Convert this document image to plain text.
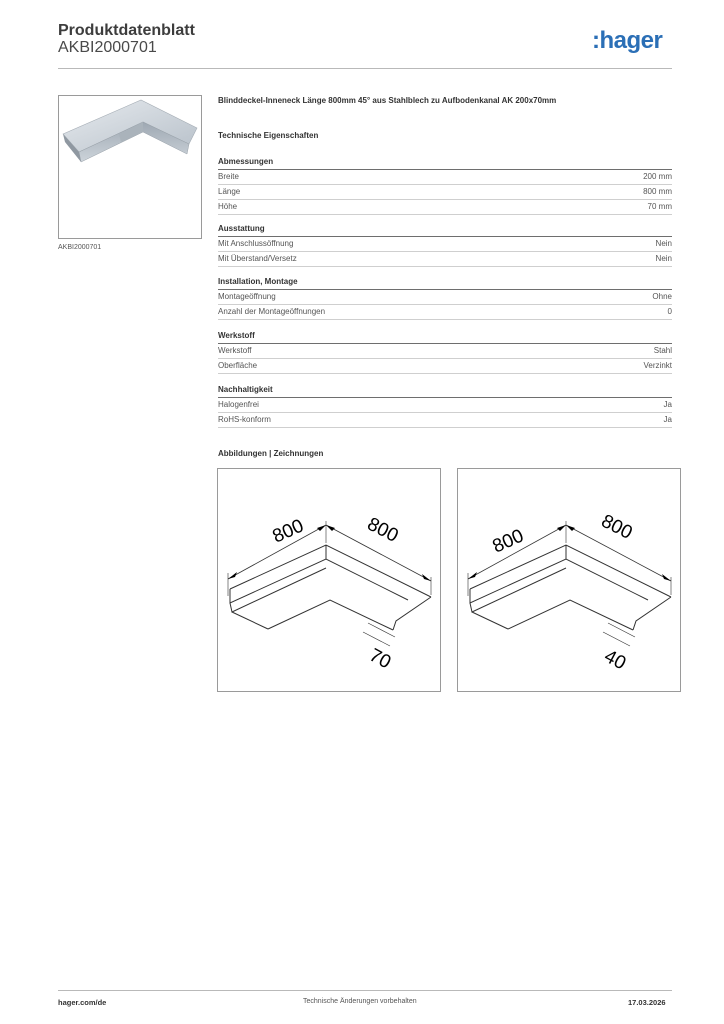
Produktdatenblatt
AKBI2000701	:hager
AKBI2000701
Blinddeckel-Inneneck Länge 800mm 45° aus Stahlblech zu Aufbodenkanal AK 200x70mm
Technische Eigenschaften
Abmessungen
Breite	200 mm
Länge	800 mm
Höhe	70 mm
Ausstattung
Mit Anschlussöffnung	Nein
Mit Überstand/Versetz	Nein
Installation, Montage
Montageöffnung	Ohne
Anzahl der Montageöffnungen	0
Werkstoff
Werkstoff	Stahl
Oberfläche	Verzinkt
Nachhaltigkeit
Halogenfrei	Ja
RoHS-konform	Ja
Abbildungen | Zeichnungen
800	800
70
800	800
40
hager.com/de	Technische Änderungen vorbehalten	17.03.2026
